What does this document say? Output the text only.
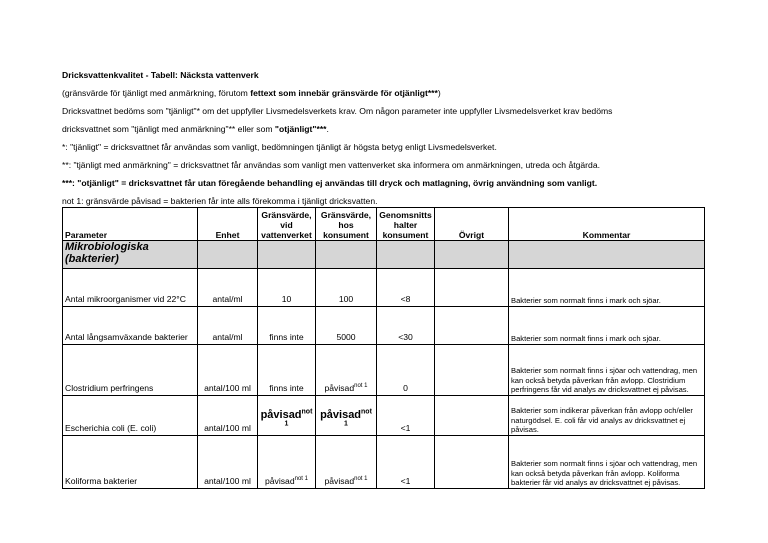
Dricksvattenkvalitet - Tabell: Näcksta vattenverk

(gränsvärde för tjänligt med anmärkning, förutom fettext som innebär gränsvärde för otjänligt***)

Dricksvattnet bedöms som "tjänligt"* om det uppfyller Livsmedelsverkets krav. Om någon parameter inte uppfyller Livsmedelsverket krav bedöms

dricksvattnet som "tjänligt med anmärkning"** eller som "otjänligt"***.

*: "tjänligt" = dricksvattnet får användas som vanligt, bedömningen tjänligt är högsta betyg enligt Livsmedelsverket.

**: "tjänligt med anmärkning" = dricksvattnet får användas som vanligt men vattenverket ska informera om anmärkningen, utreda och åtgärda.

***: "otjänligt" = dricksvattnet får utan föregående behandling ej användas till dryck och matlagning, övrig användning som vanligt.

not 1: gränsvärde påvisad = bakterien får inte alls förekomma i tjänligt dricksvatten.

Parameter	Enhet	Gränsvärde, vid vattenverket	Gränsvärde, hos konsument	Genomsnitts halter konsument	Övrigt	Kommentar
Mikrobiologiska (bakterier)						
Antal mikroorganismer vid 22°C	antal/ml	10	100	<8		Bakterier som normalt finns i mark och sjöar.
Antal långsamväxande bakterier	antal/ml	finns inte	5000	<30		Bakterier som normalt finns i mark och sjöar.
Clostridium perfringens	antal/100 ml	finns inte	påvisad$^{not 1}$	0		Bakterier som normalt finns i sjöar och vattendrag, men kan också betyda påverkan från avlopp. Clostridium perfringens får vid analys av dricksvattnet ej påvisas.
Escherichia coli (E. coli)	antal/100 ml	påvisad$^{not 1}$	påvisad$^{not 1}$	<1		Bakterier som indikerar påverkan från avlopp och/eller naturgödsel. E. coli får vid analys av dricksvattnet ej påvisas.
Koliforma bakterier	antal/100 ml	påvisad$^{not 1}$	påvisad$^{not 1}$	<1		Bakterier som normalt finns i sjöar och vattendrag, men kan också betyda påverkan från avlopp. Koliforma bakterier får vid analys av dricksvattnet ej påvisas.
